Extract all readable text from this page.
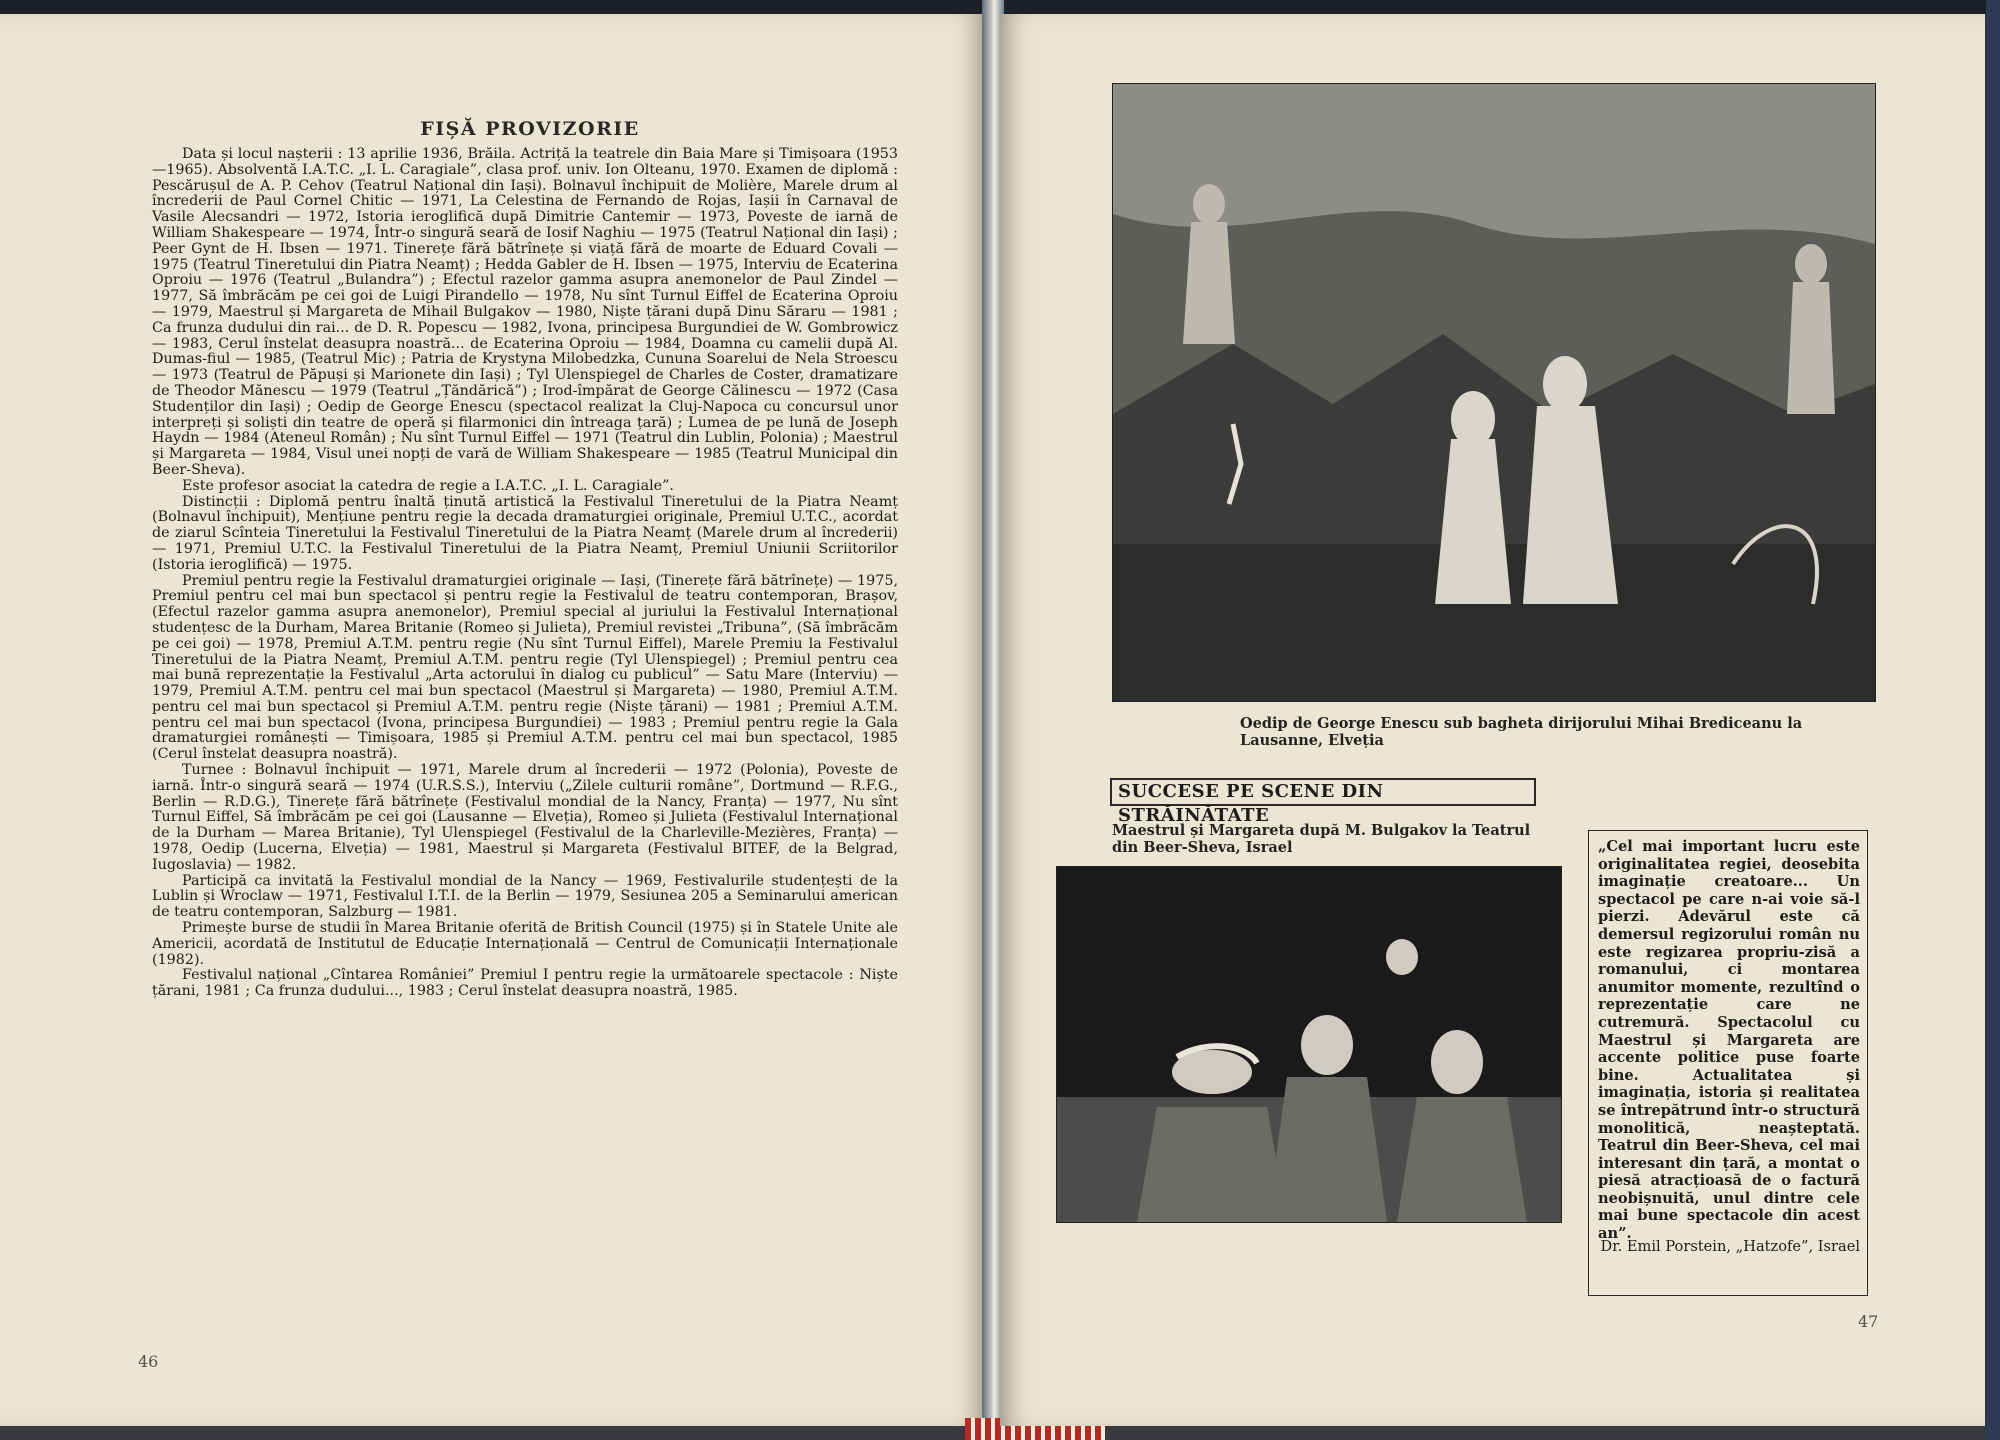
FIȘĂ PROVIZORIE

Data și locul nașterii : 13 aprilie 1936, Brăila. Actriță la teatrele din Baia Mare și Timișoara (1953—1965). Absolventă I.A.T.C. „I. L. Caragiale”, clasa prof. univ. Ion Olteanu, 1970. Examen de diplomă : Pescărușul de A. P. Cehov (Teatrul Național din Iași). Bolnavul închipuit de Molière, Marele drum al încrederii de Paul Cornel Chitic — 1971, La Celestina de Fernando de Rojas, Iașii în Carnaval de Vasile Alecsandri — 1972, Istoria ieroglifică după Dimitrie Cantemir — 1973, Poveste de iarnă de William Shakespeare — 1974, Într-o singură seară de Iosif Naghiu — 1975 (Teatrul Național din Iași) ; Peer Gynt de H. Ibsen — 1971. Tinerețe fără bătrînețe și viață fără de moarte de Eduard Covali — 1975 (Teatrul Tineretului din Piatra Neamț) ; Hedda Gabler de H. Ibsen — 1975, Interviu de Ecaterina Oproiu — 1976 (Teatrul „Bulandra”) ; Efectul razelor gamma asupra anemonelor de Paul Zindel — 1977, Să îmbrăcăm pe cei goi de Luigi Pirandello — 1978, Nu sînt Turnul Eiffel de Ecaterina Oproiu — 1979, Maestrul și Margareta de Mihail Bulgakov — 1980, Niște țărani după Dinu Săraru — 1981 ; Ca frunza dudului din rai... de D. R. Popescu — 1982, Ivona, principesa Burgundiei de W. Gombrowicz — 1983, Cerul înstelat deasupra noastră... de Ecaterina Oproiu — 1984, Doamna cu camelii după Al. Dumas-fiul — 1985, (Teatrul Mic) ; Patria de Krystyna Milobedzka, Cununa Soarelui de Nela Stroescu — 1973 (Teatrul de Păpuși și Marionete din Iași) ; Tyl Ulenspiegel de Charles de Coster, dramatizare de Theodor Mănescu — 1979 (Teatrul „Țăndărică”) ; Irod-împărat de George Călinescu — 1972 (Casa Studenților din Iași) ; Oedip de George Enescu (spectacol realizat la Cluj-Napoca cu concursul unor interpreți și soliști din teatre de operă și filarmonici din întreaga țară) ; Lumea de pe lună de Joseph Haydn — 1984 (Ateneul Român) ; Nu sînt Turnul Eiffel — 1971 (Teatrul din Lublin, Polonia) ; Maestrul și Margareta — 1984, Visul unei nopți de vară de William Shakespeare — 1985 (Teatrul Municipal din Beer-Sheva).

Este profesor asociat la catedra de regie a I.A.T.C. „I. L. Caragiale”.

Distincții : Diplomă pentru înaltă ținută artistică la Festivalul Tineretului de la Piatra Neamț (Bolnavul închipuit), Mențiune pentru regie la decada dramaturgiei originale, Premiul U.T.C., acordat de ziarul Scînteia Tineretului la Festivalul Tineretului de la Piatra Neamț (Marele drum al încrederii) — 1971, Premiul U.T.C. la Festivalul Tineretului de la Piatra Neamț, Premiul Uniunii Scriitorilor (Istoria ieroglifică) — 1975.

Premiul pentru regie la Festivalul dramaturgiei originale — Iași, (Tinerețe fără bătrînețe) — 1975, Premiul pentru cel mai bun spectacol și pentru regie la Festivalul de teatru contemporan, Brașov, (Efectul razelor gamma asupra anemonelor), Premiul special al juriului la Festivalul Internațional studențesc de la Durham, Marea Britanie (Romeo și Julieta), Premiul revistei „Tribuna”, (Să îmbrăcăm pe cei goi) — 1978, Premiul A.T.M. pentru regie (Nu sînt Turnul Eiffel), Marele Premiu la Festivalul Tineretului de la Piatra Neamț, Premiul A.T.M. pentru regie (Tyl Ulenspiegel) ; Premiul pentru cea mai bună reprezentație la Festivalul „Arta actorului în dialog cu publicul” — Satu Mare (Interviu) — 1979, Premiul A.T.M. pentru cel mai bun spectacol (Maestrul și Margareta) — 1980, Premiul A.T.M. pentru cel mai bun spectacol și Premiul A.T.M. pentru regie (Niște țărani) — 1981 ; Premiul A.T.M. pentru cel mai bun spectacol (Ivona, principesa Burgundiei) — 1983 ; Premiul pentru regie la Gala dramaturgiei românești — Timișoara, 1985 și Premiul A.T.M. pentru cel mai bun spectacol, 1985 (Cerul înstelat deasupra noastră).

Turnee : Bolnavul închipuit — 1971, Marele drum al încrederii — 1972 (Polonia), Poveste de iarnă. Într-o singură seară — 1974 (U.R.S.S.), Interviu („Zilele culturii române”, Dortmund — R.F.G., Berlin — R.D.G.), Tinerețe fără bătrînețe (Festivalul mondial de la Nancy, Franța) — 1977, Nu sînt Turnul Eiffel, Să îmbrăcăm pe cei goi (Lausanne — Elveția), Romeo și Julieta (Festivalul Internațional de la Durham — Marea Britanie), Tyl Ulenspiegel (Festivalul de la Charleville-Mezières, Franța) — 1978, Oedip (Lucerna, Elveția) — 1981, Maestrul și Margareta (Festivalul BITEF, de la Belgrad, Iugoslavia) — 1982.

Participă ca invitată la Festivalul mondial de la Nancy — 1969, Festivalurile studențești de la Lublin și Wroclaw — 1971, Festivalul I.T.I. de la Berlin — 1979, Sesiunea 205 a Seminarului american de teatru contemporan, Salzburg — 1981.

Primește burse de studii în Marea Britanie oferită de British Council (1975) și în Statele Unite ale Americii, acordată de Institutul de Educație Internațională — Centrul de Comunicații Internaționale (1982).

Festivalul național „Cîntarea României” Premiul I pentru regie la următoarele spectacole : Niște țărani, 1981 ; Ca frunza dudului..., 1983 ; Cerul înstelat deasupra noastră, 1985.

46
Oedip de George Enescu sub bagheta dirijorului Mihai Brediceanu la Lausanne, Elveția
SUCCESE PE SCENE DIN STRĂINĂTATE
Maestrul și Margareta după M. Bulgakov la Teatrul din Beer-Sheva, Israel	„Cel mai important lucru este originalitatea regiei, deosebita imaginație creatoare... Un spectacol pe care n-ai voie să-l pierzi. Adevărul este că demersul regizorului român nu este regizarea propriu-zisă a romanului, ci montarea anumitor momente, rezultînd o reprezentație care ne cutremură. Spectacolul cu Maestrul și Margareta are accente politice puse foarte bine. Actualitatea și imaginația, istoria și realitatea se întrepătrund într-o structură monolitică, neașteptată. Teatrul din Beer-Sheva, cel mai interesant din țară, a montat o piesă atracțioasă de o factură neobișnuită, unul dintre cele mai bune spectacole din acest an”.
Dr. Emil Porstein, „Hatzofe”, Israel
47
